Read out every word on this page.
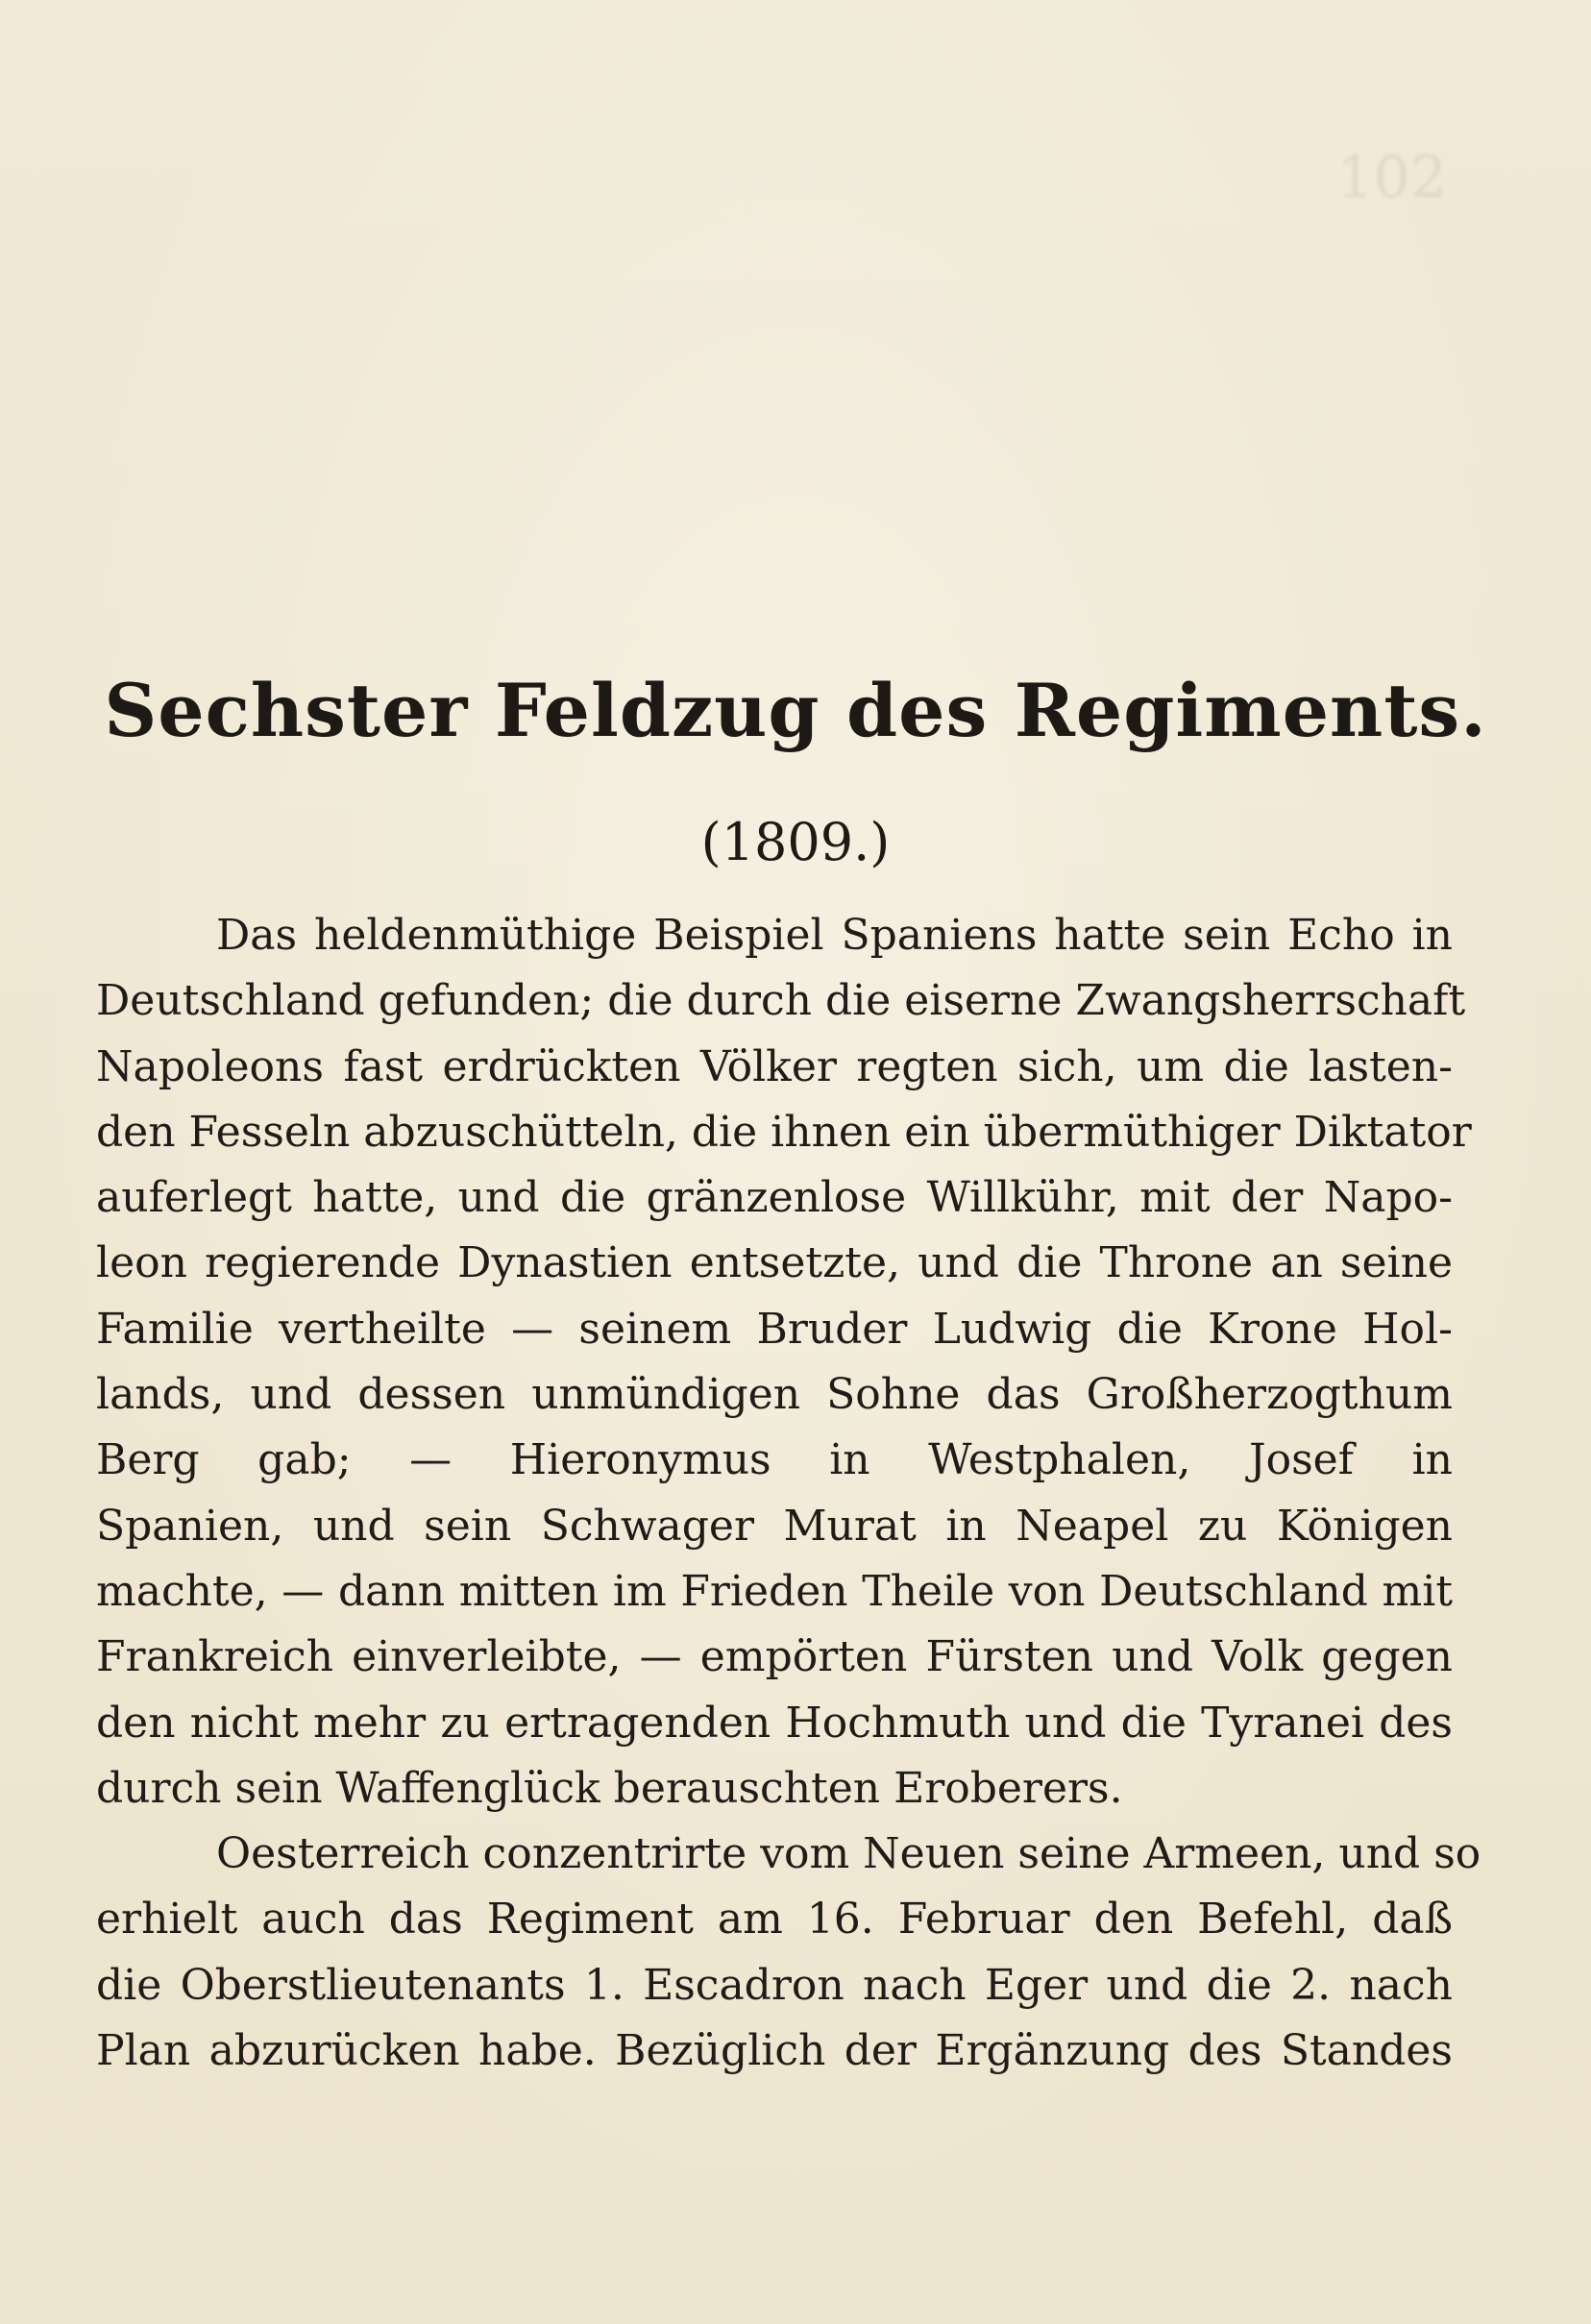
102

Sechster Feldzug des Regiments.
(1809.)
Das heldenmüthige Beispiel Spaniens hatte sein Echo in
Deutschland gefunden; die durch die eiserne Zwangsherrschaft
Napoleons fast erdrückten Völker regten sich, um die lasten-
den Fesseln abzuschütteln, die ihnen ein übermüthiger Diktator
auferlegt hatte, und die gränzenlose Willkühr, mit der Napo-
leon regierende Dynastien entsetzte, und die Throne an seine
Familie vertheilte — seinem Bruder Ludwig die Krone Hol-
lands, und dessen unmündigen Sohne das Großherzogthum
Berg gab; — Hieronymus in Westphalen, Josef in
Spanien, und sein Schwager Murat in Neapel zu Königen
machte, — dann mitten im Frieden Theile von Deutschland mit
Frankreich einverleibte, — empörten Fürsten und Volk gegen
den nicht mehr zu ertragenden Hochmuth und die Tyranei des
durch sein Waffenglück berauschten Eroberers.
Oesterreich conzentrirte vom Neuen seine Armeen, und so
erhielt auch das Regiment am 16. Februar den Befehl, daß
die Oberstlieutenants 1. Escadron nach Eger und die 2. nach
Plan abzurücken habe. Bezüglich der Ergänzung des Standes
